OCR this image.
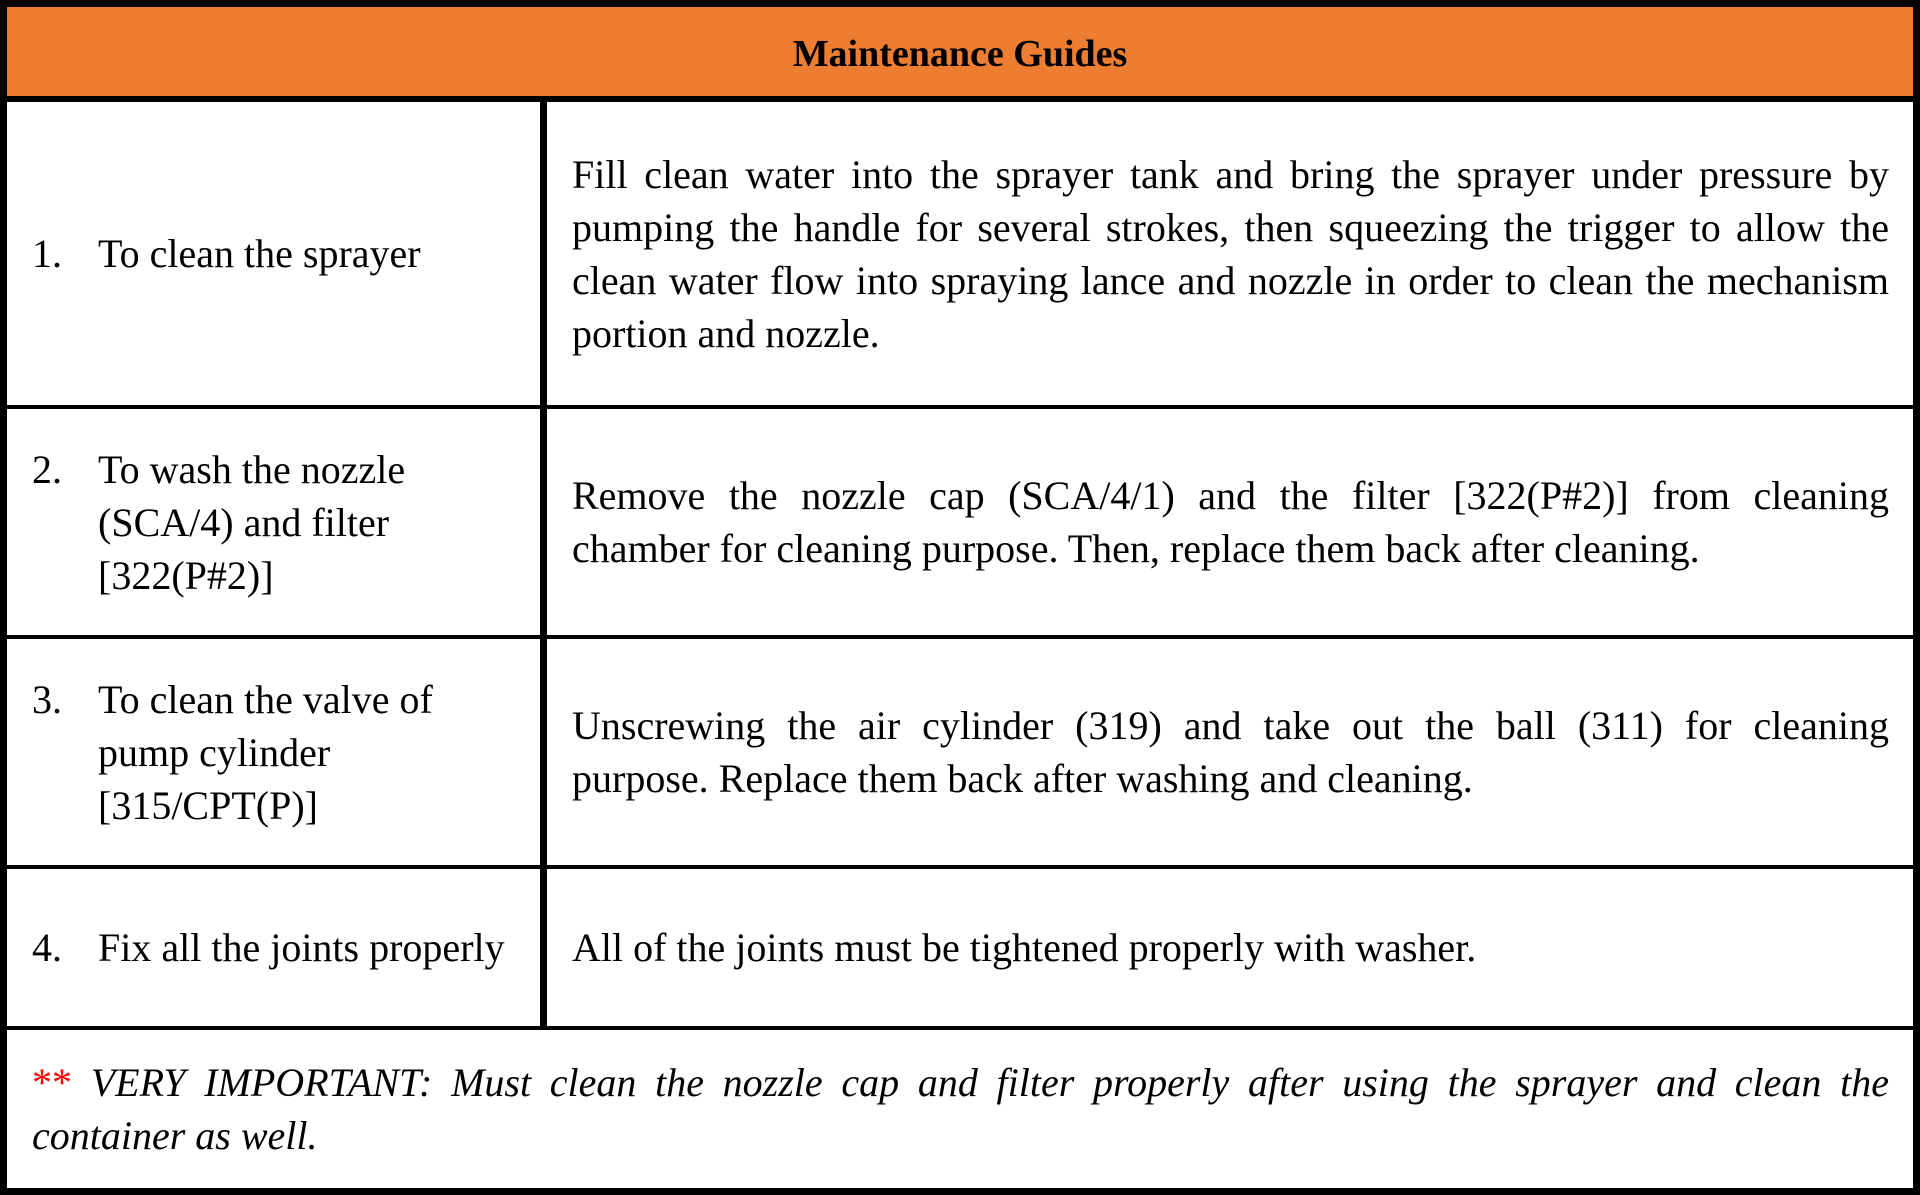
Maintenance Guides
1. To clean the sprayer
Fill clean water into the sprayer tank and bring the sprayer under pressure by pumping the handle for several strokes, then squeezing the trigger to allow the clean water flow into spraying lance and nozzle in order to clean the mechanism portion and nozzle.
2. To wash the nozzle (SCA/4) and filter [322(P#2)]
Remove the nozzle cap (SCA/4/1) and the filter [322(P#2)] from cleaning chamber for cleaning purpose. Then, replace them back after cleaning.
3. To clean the valve of pump cylinder [315/CPT(P)]
Unscrewing the air cylinder (319) and take out the ball (311) for cleaning purpose. Replace them back after washing and cleaning.
4. Fix all the joints properly	All of the joints must be tightened properly with washer.
** VERY IMPORTANT: Must clean the nozzle cap and filter properly after using the sprayer and clean the container as well.
